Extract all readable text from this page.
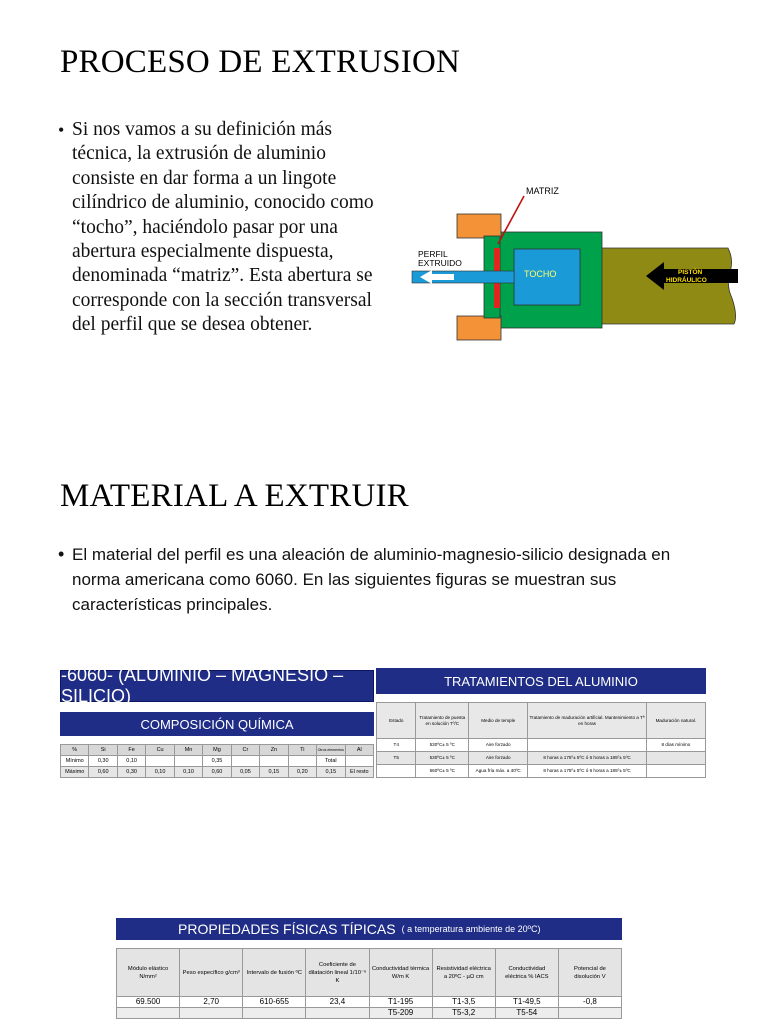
PROCESO DE EXTRUSION
• Si nos vamos a su definición más técnica, la extrusión de aluminio consiste en dar forma a un lingote cilíndrico de aluminio, conocido como “tocho”, haciéndolo pasar por una abertura especialmente dispuesta, denominada “matriz”. Esta abertura se corresponde con la sección transversal del perfil que se desea obtener.
MATRIZ
PERFIL
EXTRUIDO
TOCHO	PISTÓN
HIDRÁULICO
MATERIAL A EXTRUIR
• El material del perfil es una aleación de aluminio-magnesio-silicio designada en norma americana como 6060. En las siguientes figuras se muestran sus características principales.
-6060- (ALUMINIO – MAGNESIO – SILICIO)
COMPOSICIÓN QUÍMICA
%	Si	Fe	Cu	Mn	Mg	Cr	Zn	Ti	Otros elementos	Al
Mínimo	0,30	0,10			0,35				Total	
Máximo	0,60	0,30	0,10	0,10	0,60	0,05	0,15	0,20	0,15	El resto
TRATAMIENTOS DEL ALUMINIO
Estado	Tratamiento de puesta en solución Tº/C	Medio de temple	Tratamiento de maduración artificial. Mantenimiento a Tª en horas	Maduración natural.
T4	530ºC± 5 ºC	Aire forzado		8 días mínimo
T5	530ºC± 5 ºC	Aire forzado	8 horas a 175º± 5ºC ó 6 horas a 185º± 5ºC	
	560ºC± 5 ºC	Agua fría máx. a 40ºC	8 horas a 175º± 5ºC ó 6 horas a 185º± 5ºC	
PROPIEDADES FÍSICAS TÍPICAS ( a temperatura ambiente de 20ºC)
Módulo elástico N/mm²	Peso específico g/cm³	Intervalo de fusión ºC	Coeficiente de dilatación lineal 1/10⁻⁶ K	Conductividad térmica W/m K	Resistividad eléctrica a 20ºC - µΩ cm	Conductividad eléctrica % IACS	Potencial de disolución V
69.500	2,70	610-655	23,4	T1-195	T1-3,5	T1-49,5	-0,8
				T5-209	T5-3,2	T5-54	
